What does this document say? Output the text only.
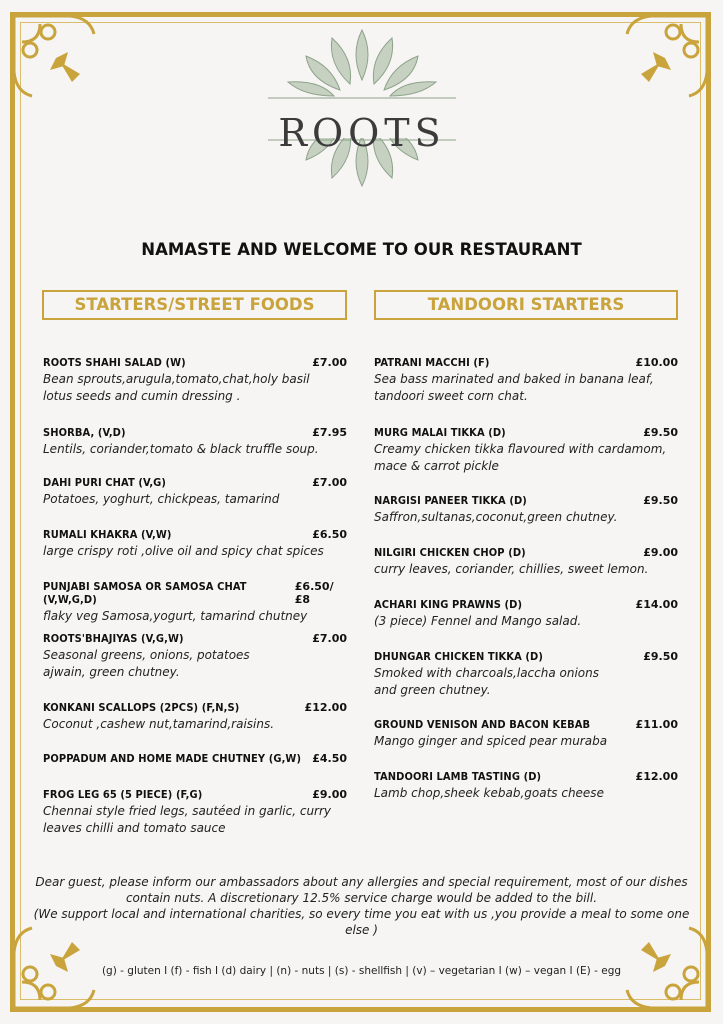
ROOTS
NAMASTE AND WELCOME TO OUR RESTAURANT
STARTERS/STREET FOODS	TANDOORI STARTERS
ROOTS SHAHI SALAD (W)	£7.00
Bean sprouts,arugula,tomato,chat,holy basil
lotus seeds and cumin dressing .
SHORBA, (V,D)	£7.95
Lentils, coriander,tomato & black truffle soup.
DAHI PURI CHAT (V,G)	£7.00
Potatoes, yoghurt, chickpeas, tamarind
RUMALI KHAKRA (V,W)	£6.50
large crispy roti ,olive oil and spicy chat spices
PUNJABI SAMOSA OR SAMOSA CHAT (V,W,G,D)
£6.50/£8
flaky veg Samosa,yogurt, tamarind chutney
ROOTS'BHAJIYAS (V,G,W)	£7.00
Seasonal greens, onions, potatoes
ajwain, green chutney.
KONKANI SCALLOPS (2PCS) (F,N,S)	£12.00
Coconut ,cashew nut,tamarind,raisins.
POPPADUM AND HOME MADE CHUTNEY (G,W) £4.50
FROG LEG 65 (5 PIECE) (F,G)	£9.00
Chennai style fried legs, sautéed in garlic, curry
leaves chilli and tomato sauce
PATRANI MACCHI (F)	£10.00
Sea bass marinated and baked in banana leaf,
tandoori sweet corn chat.
MURG MALAI TIKKA (D)	£9.50
Creamy chicken tikka flavoured with cardamom,
mace & carrot pickle
NARGISI PANEER TIKKA (D)	£9.50
Saffron,sultanas,coconut,green chutney.
NILGIRI CHICKEN CHOP (D)	£9.00
curry leaves, coriander, chillies, sweet lemon.
ACHARI KING PRAWNS (D)	£14.00
(3 piece) Fennel and Mango salad.
DHUNGAR CHICKEN TIKKA (D)	£9.50
Smoked with charcoals,laccha onions
and green chutney.
GROUND VENISON AND BACON KEBAB	£11.00
Mango ginger and spiced pear muraba
TANDOORI LAMB TASTING (D)	£12.00
Lamb chop,sheek kebab,goats cheese
Dear guest, please inform our ambassadors about any allergies and special requirement, most of our dishes
contain nuts. A discretionary 12.5% service charge would be added to the bill.
(We support local and international charities, so every time you eat with us ,you provide a meal to some one else )
(g) - gluten I (f) - fish I (d) dairy | (n) - nuts | (s) - shellfish | (v) – vegetarian I (w) – vegan I (E) - egg
